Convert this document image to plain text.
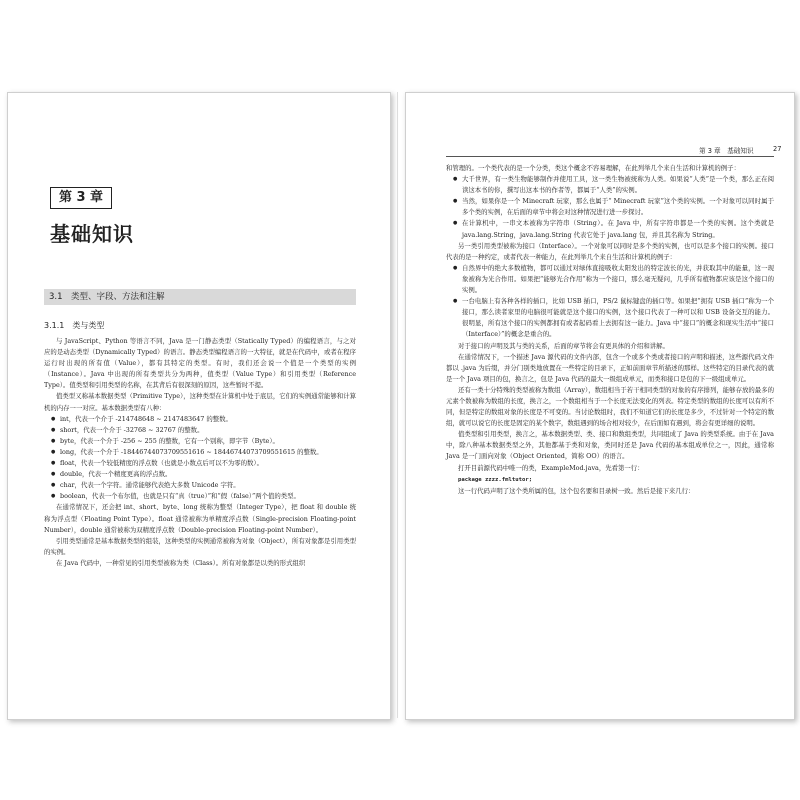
第 3 章
基础知识
3.1　类型、字段、方法和注解
3.1.1　类与类型

与 JavaScript、Python 等语言不同，Java 是一门静态类型（Statically Typed）的编程语言，与之对应的是动态类型（Dynamically Typed）的语言。静态类型编程语言的一大特征，就是在代码中，或者在程序运行时出现的所有值（Value），都有其特定的类型。有时，我们还会说一个值是一个类型的实例（Instance）。Java 中出现的所有类型共分为两种，值类型（Value Type）和引用类型（Reference Type）。值类型和引用类型的名称，在其背后有很深刻的原因，这些暂时不提。

值类型又称基本数据类型（Primitive Type），这种类型在计算机中处于底层，它们的实例通常能够和计算机的内存一一对应。基本数据类型有八种：

● int，代表一个介于 -214748648 ~ 2147483647 的整数。
● short，代表一个介于 -32768 ~ 32767 的整数。
● byte，代表一个介于 -256 ~ 255 的整数，它有一个别称，即字节（Byte）。
● long，代表一个介于 -18446744073709551616 ~ 18446744073709551615 的整数。
● float，代表一个较低精度的浮点数（也就是小数点后可以不为零的数）。
● double，代表一个精度更高的浮点数。
● char，代表一个字符。通常能够代表绝大多数 Unicode 字符。
● boolean，代表一个布尔值，也就是只有“真（true）”和“假（false）”两个值的类型。

在通常情况下，还会把 int、short、byte、long 统称为整型（Integer Type），把 float 和 double 统称为浮点型（Floating Point Type）。float 通常被称为单精度浮点数（Single-precision Floating-point Number），double 通常被称为双精度浮点数（Double-precision Floating-point Number）。

引用类型通常是基本数据类型的组装，这种类型的实例通常被称为对象（Object），所有对象都是引用类型的实例。

在 Java 代码中，一种常见的引用类型被称为类（Class）。所有对象都是以类的形式组织

第 3 章　基础知识	27

和管理的。一个类代表的是一个分类，类这个概念不容易理解，在此列举几个来自生活和计算机的例子：

● 大千世界，有一类生物能够制作并使用工具，这一类生物被统称为人类。如果说“人类”是一个类，那么正在阅读这本书的你，撰写出这本书的作者等，都属于“人类”的实例。
● 当然，如果你是一个 Minecraft 玩家，那么也属于“ Minecraft 玩家”这个类的实例。一个对象可以同时属于多个类的实例，在后面的章节中将会对这种情况进行进一步探讨。
● 在计算机中，一串文本被称为字符串（String）。在 Java 中，所有字符串都是一个类的实例。这个类就是 java.lang.String，java.lang.String 代表它处于 java.lang 包，并且其名称为 String。

另一类引用类型被称为接口（Interface）。一个对象可以同时是多个类的实例，也可以是多个接口的实例。接口代表的是一种约定，或者代表一种能力，在此列举几个来自生活和计算机的例子：

● 自然界中的绝大多数植物，都可以通过对绿体直接吸收太阳发出的特定波长的光，并获取其中的能量，这一现象被称为光合作用。如果把“能够光合作用”称为一个接口，那么毫无疑问，几乎所有植物都应该是这个接口的实例。
● 一台电脑上有各种各样的插口，比如 USB 插口，PS/2 鼠标键盘的插口等。如果把“拥有 USB 插口”称为一个接口，那么读者家里的电脑很可能就是这个接口的实例，这个接口代表了一种可以和 USB 设备交互的能力。很明显，所有这个接口的实例都拥有或者起码看上去拥有这一能力。Java 中“接口”的概念和现实生活中“接口（Interface）”的概念是重合的。

对于接口的声明及其与类的关系，后面的章节将会有更具体的介绍和讲解。

在通常情况下，一个描述 Java 源代码的文件内部，包含一个或多个类或者接口的声明和描述，这些源代码文件都以 .java 为后缀，并分门别类地放置在一些特定的目录下，正如前面章节所描述的那样。这些特定的目录代表的就是一个 Java 项目的包，换言之，包是 Java 代码的最大一级组成单元，而类和接口是包的下一级组成单元。

还有一类十分特殊的类型被称为数组（Array），数组相当于若干相同类型的对象的有序排列，能够存放的最多的元素个数被称为数组的长度，换言之，一个数组相当于一个长度无法变化的列表。特定类型的数组的长度可以有所不同，但是特定的数组对象的长度是不可变的。当讨论数组时，我们不知道它们的长度是多少，不过针对一个特定的数组，就可以说它的长度是固定的某个数字，数组遇到的场合相对较少，在后面如有遇到，将会有更详细的说明。

值类型和引用类型，换言之，基本数据类型、类、接口和数组类型，共同组成了 Java 的类型系统。由于在 Java 中，除八种基本数据类型之外，其他都基于类和对象，类同时还是 Java 代码的基本组成单位之一，因此，通常称 Java 是一门面向对象（Object Oriented，简称 OO）的语言。

打开目前源代码中唯一的类，ExampleMod.java，先看第一行：

package zzzz.fmltutor;

这一行代码声明了这个类所属的包，这个包名要和目录树一致。然后是接下来几行：
